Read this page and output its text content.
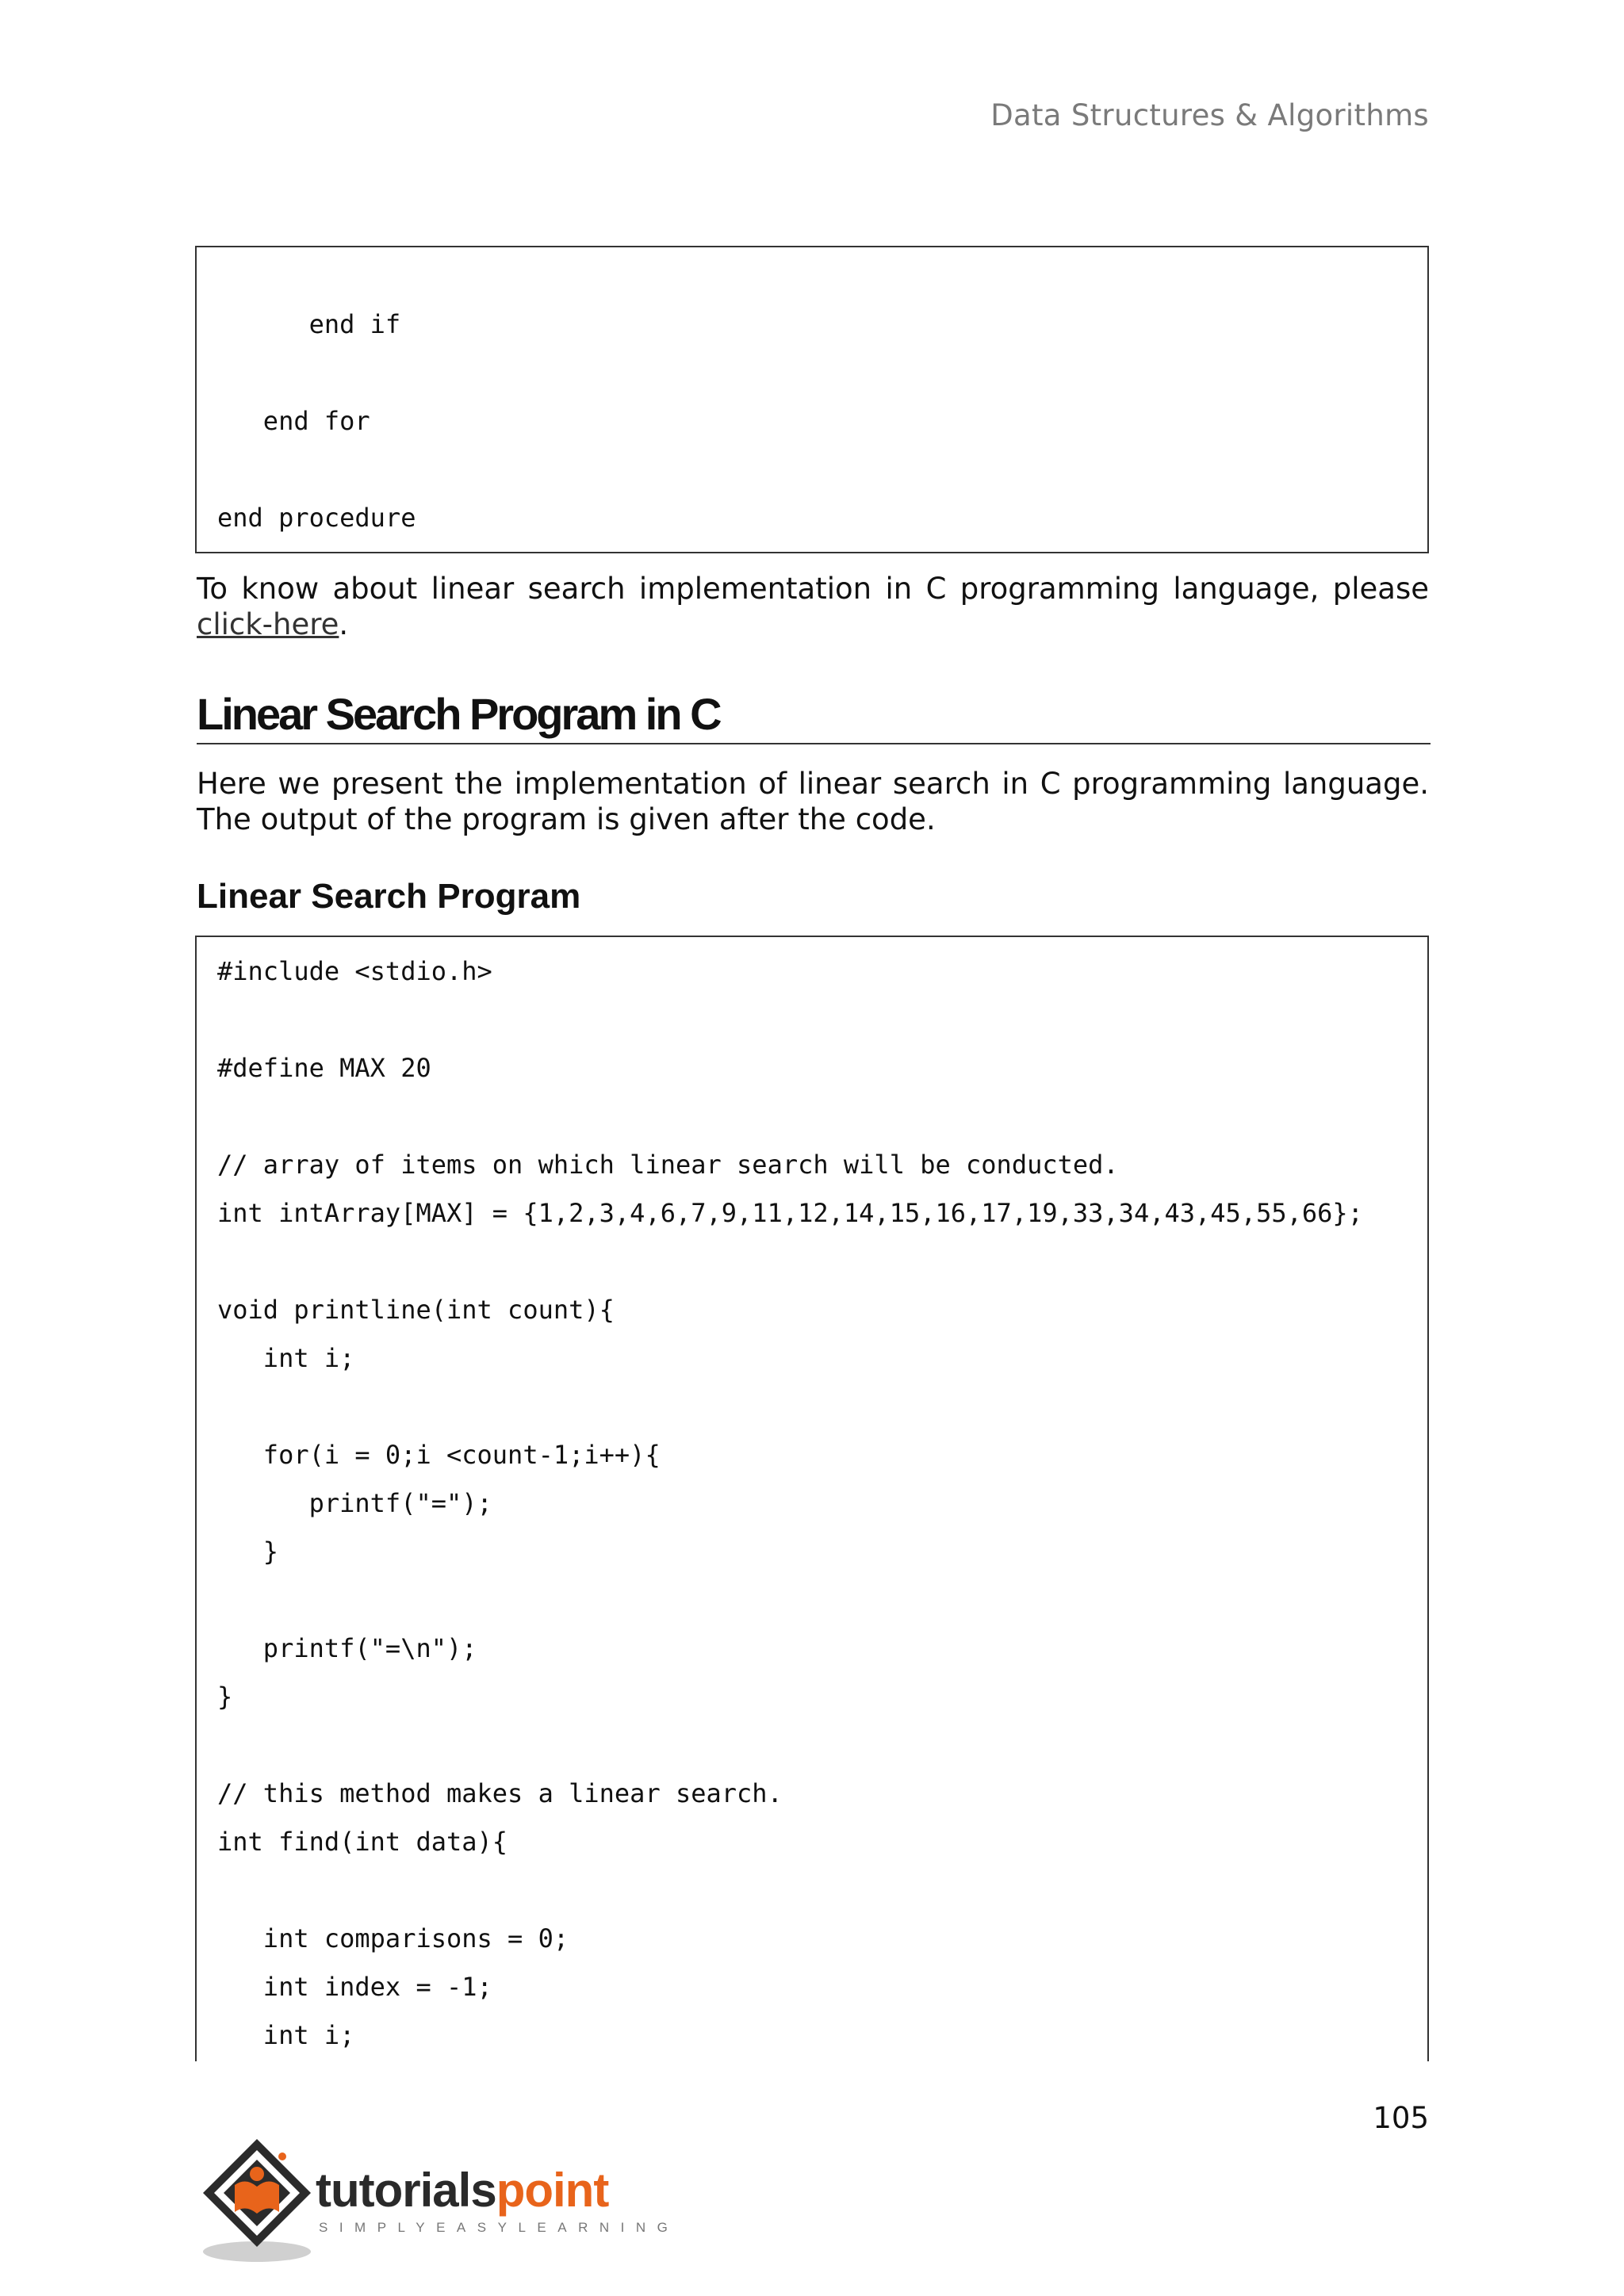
Data Structures & Algorithms
end if
end for
end procedure
To know about linear search implementation in C programming language, please click-here.
Linear Search Program in C
Here we present the implementation of linear search in C programming language. The output of the program is given after the code.
Linear Search Program
#include <stdio.h>
#define MAX 20
// array of items on which linear search will be conducted.
int intArray[MAX] = {1,2,3,4,6,7,9,11,12,14,15,16,17,19,33,34,43,45,55,66};
void printline(int count){
int i;
for(i = 0;i <count-1;i++){
printf("=");
}
printf("=\n");
}
// this method makes a linear search.
int find(int data){
int comparisons = 0;
int index = -1;
int i;
105
tutorialspoint
SIMPLYEASYLEARNING
